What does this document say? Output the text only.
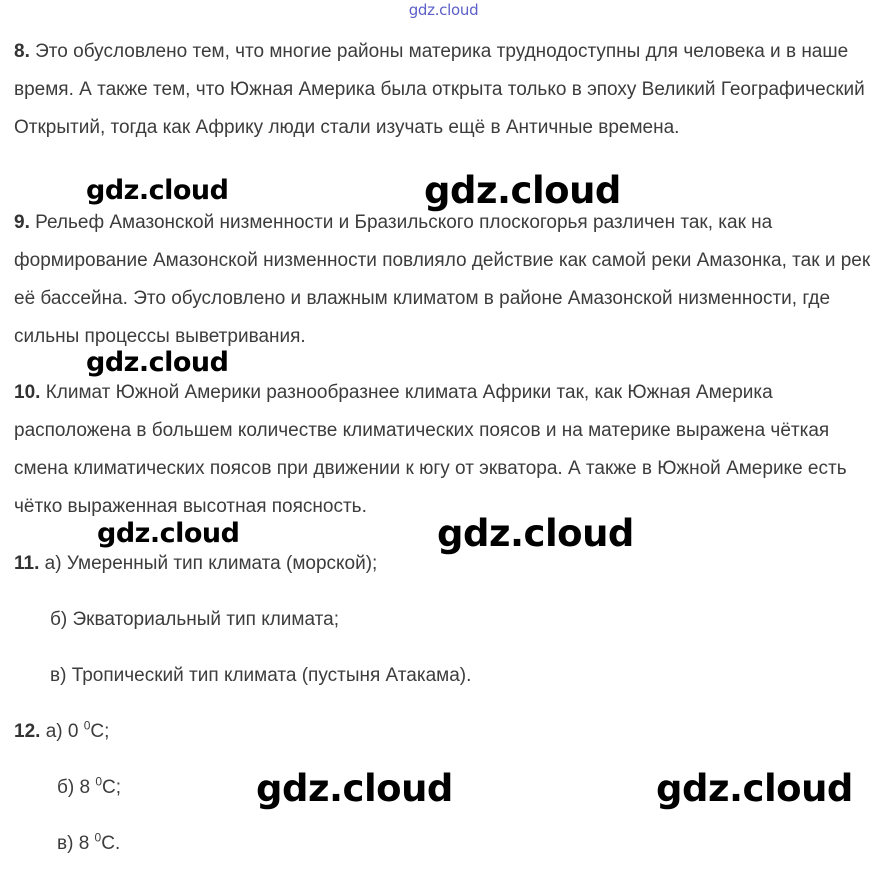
gdz.cloud

8. Это обусловлено тем, что многие районы материка труднодоступны для человека и в наше время. А также тем, что Южная Америка была открыта только в эпоху Великий Географический Открытий, тогда как Африку люди стали изучать ещё в Античные времена.

9. Рельеф Амазонской низменности и Бразильского плоскогорья различен так, как на формирование Амазонской низменности повлияло действие как самой реки Амазонка, так и рек её бассейна. Это обусловлено и влажным климатом в районе Амазонской низменности, где сильны процессы выветривания.

10. Климат Южной Америки разнообразнее климата Африки так, как Южная Америка расположена в большем количестве климатических поясов и на материке выражена чёткая смена климатических поясов при движении к югу от экватора. А также в Южной Америке есть чётко выраженная высотная поясность.

11. а) Умеренный тип климата (морской);

б) Экваториальный тип климата;

в) Тропический тип климата (пустыня Атакама).

12. а) 0 $^0$С;

б) 8 $^0$С;

в) 8 $^0$С.

gdz.cloud	gdz.cloud
gdz.cloud
gdz.cloud	gdz.cloud
gdz.cloud	gdz.cloud
